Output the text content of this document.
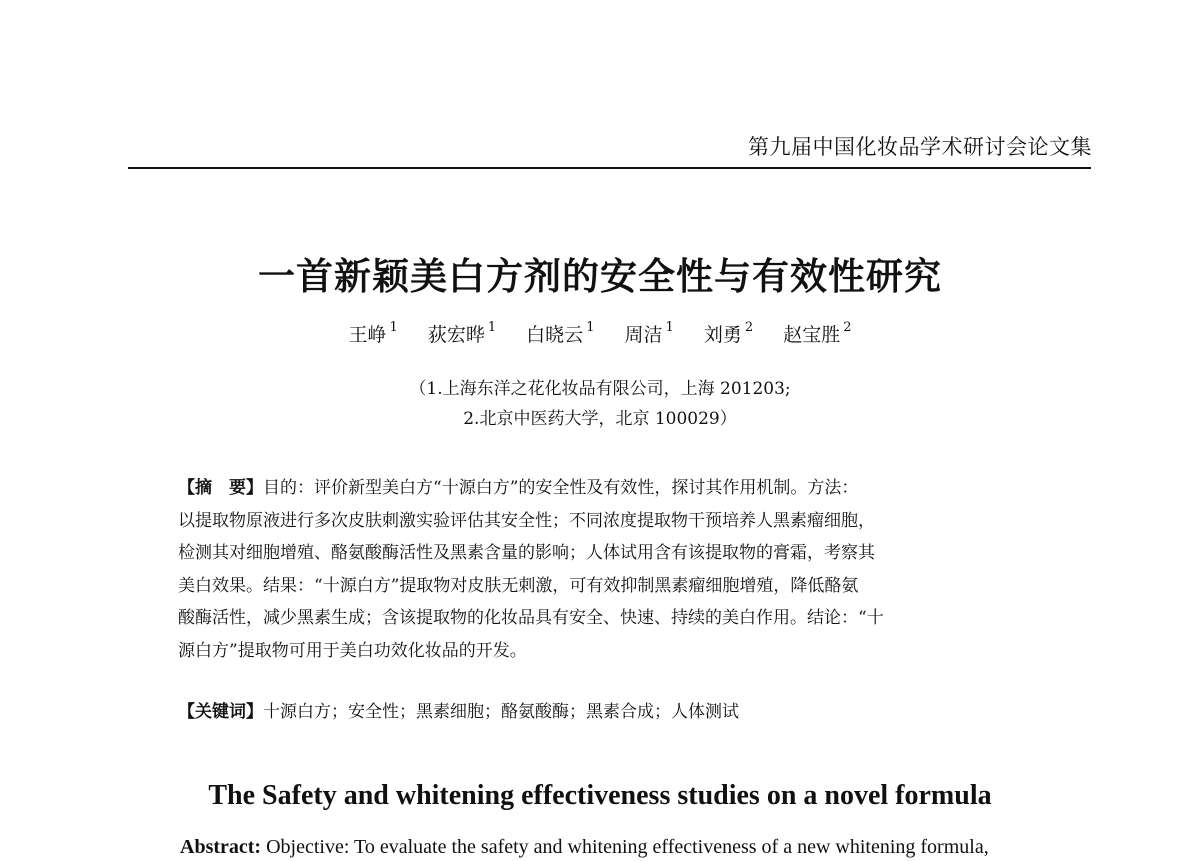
第九届中国化妆品学术研讨会论文集
一首新颖美白方剂的安全性与有效性研究
王峥 $^1$ 荻宏晔 $^1$ 白晓云 $^1$ 周洁 $^1$ 刘勇 $^2$ 赵宝胜 $^2$
（1.上海东洋之花化妆品有限公司，上海 201203;
2.北京中医药大学，北京 100029）
【摘　要】目的：评价新型美白方“十源白方”的安全性及有效性，探讨其作用机制。方法：
以提取物原液进行多次皮肤刺激实验评估其安全性；不同浓度提取物干预培养人黑素瘤细胞，
检测其对细胞增殖、酪氨酸酶活性及黑素含量的影响；人体试用含有该提取物的膏霜，考察其
美白效果。结果：“十源白方”提取物对皮肤无刺激，可有效抑制黑素瘤细胞增殖，降低酪氨
酸酶活性，减少黑素生成；含该提取物的化妆品具有安全、快速、持续的美白作用。结论：“十
源白方”提取物可用于美白功效化妆品的开发。
【关键词】十源白方；安全性；黑素细胞；酪氨酸酶；黑素合成；人体测试
The Safety and whitening effectiveness studies on a novel formula
Abstract: Objective: To evaluate the safety and whitening effectiveness of a new whitening formula,
